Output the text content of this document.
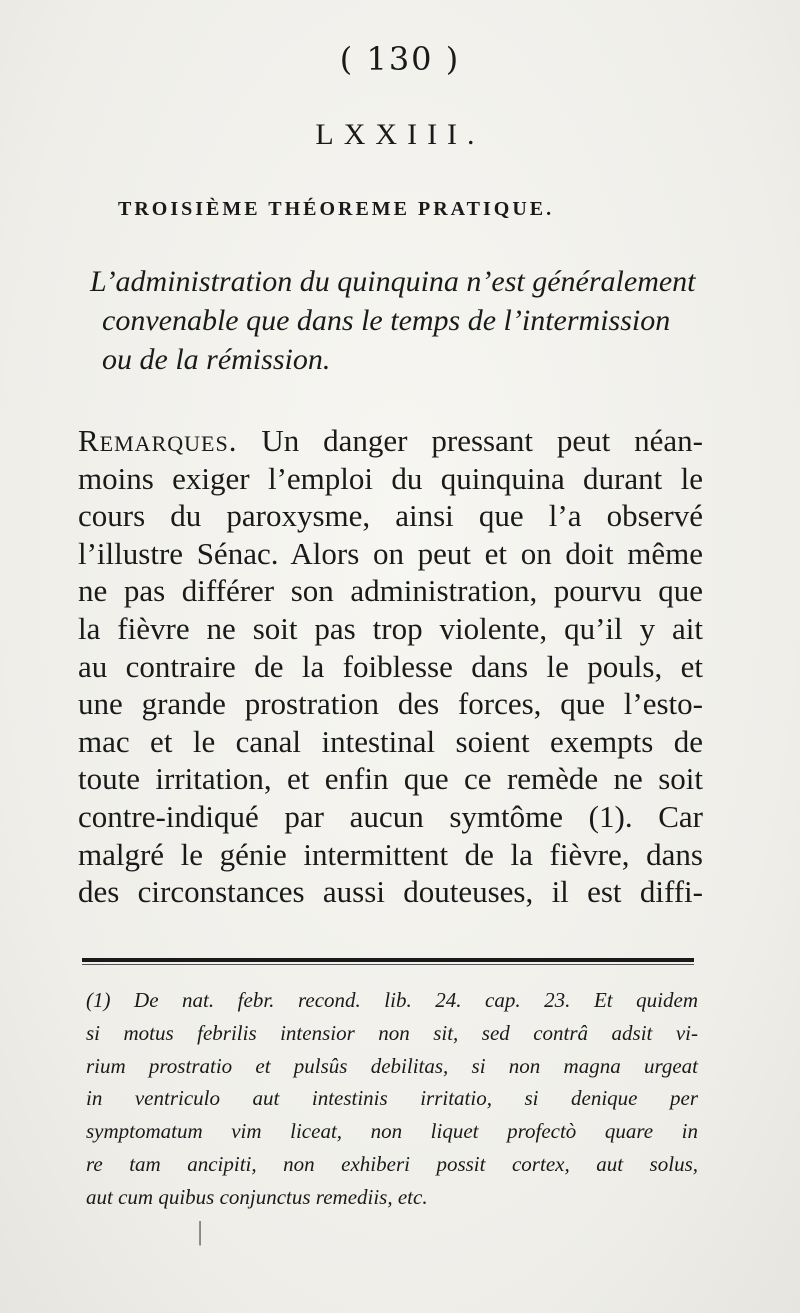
( 130 )
LXXIII.
TROISIÈME THÉOREME PRATIQUE.
L’administration du quinquina n’est généralement convenable que dans le temps de l’intermission ou de la rémission.
Remarques. Un danger pressant peut néan-
moins exiger l’emploi du quinquina durant le
cours du paroxysme, ainsi que l’a observé
l’illustre Sénac. Alors on peut et on doit même
ne pas différer son administration, pourvu que
la fièvre ne soit pas trop violente, qu’il y ait
au contraire de la foiblesse dans le pouls, et
une grande prostration des forces, que l’esto-
mac et le canal intestinal soient exempts de
toute irritation, et enfin que ce remède ne soit
contre-indiqué par aucun symtôme (1). Car
malgré le génie intermittent de la fièvre, dans
des circonstances aussi douteuses, il est diffi-
(1) De nat. febr. recond. lib. 24. cap. 23. Et quidem
si motus febrilis intensior non sit, sed contrâ adsit vi-
rium prostratio et pulsûs debilitas, si non magna urgeat
in ventriculo aut intestinis irritatio, si denique per
symptomatum vim liceat, non liquet profectò quare in
re tam ancipiti, non exhiberi possit cortex, aut solus,
aut cum quibus conjunctus remediis, etc.
|
